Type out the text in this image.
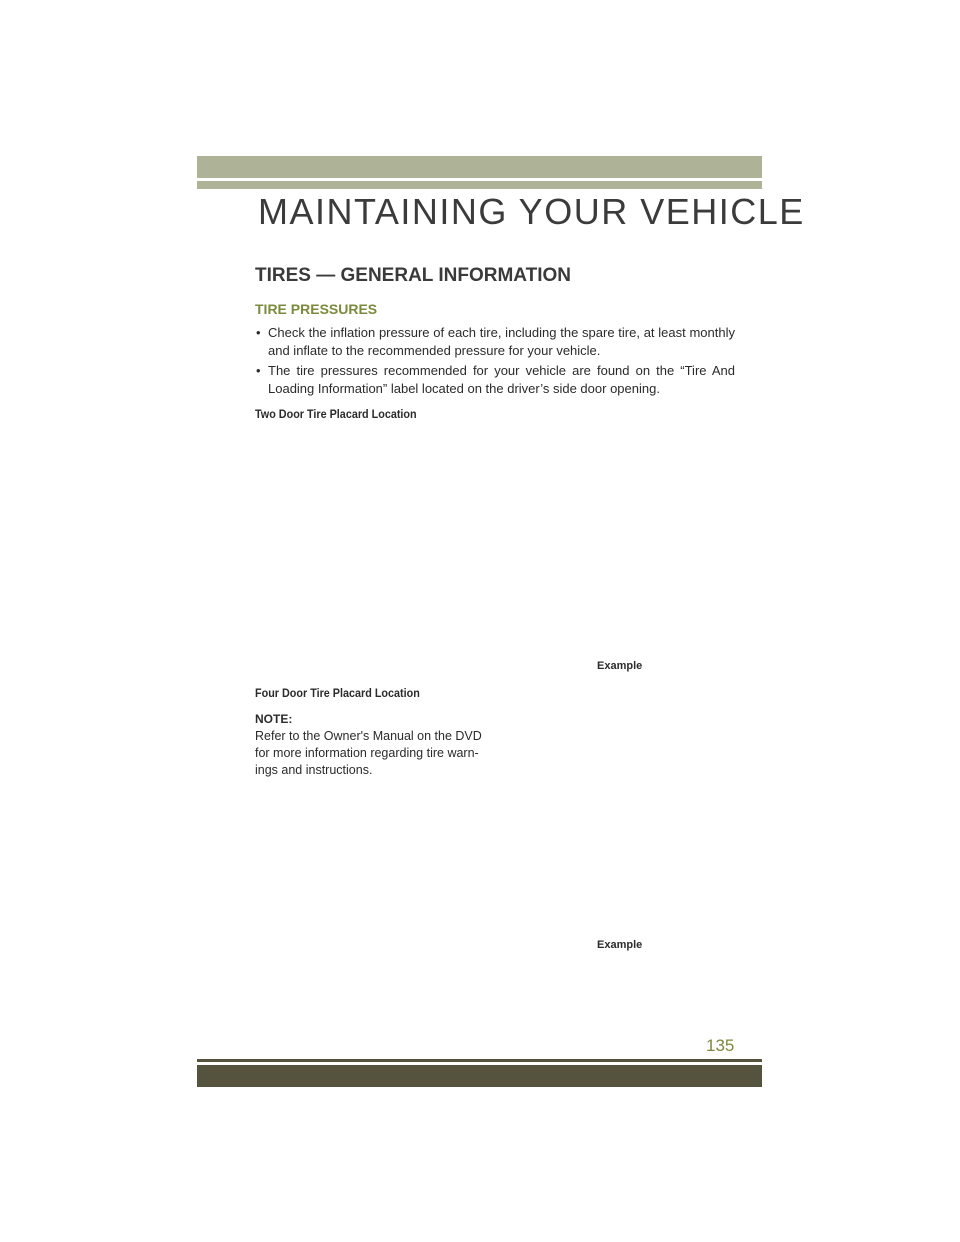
MAINTAINING YOUR VEHICLE
TIRES — GENERAL INFORMATION
TIRE PRESSURES
• Check the inflation pressure of each tire, including the spare tire, at least monthly and inflate to the recommended pressure for your vehicle.
• The tire pressures recommended for your vehicle are found on the “Tire And Loading Information” label located on the driver’s side door opening.
Two Door Tire Placard Location
Example
Four Door Tire Placard Location
NOTE:
Refer to the Owner's Manual on the DVD for more information regarding tire warn-ings and instructions.
Example
135
